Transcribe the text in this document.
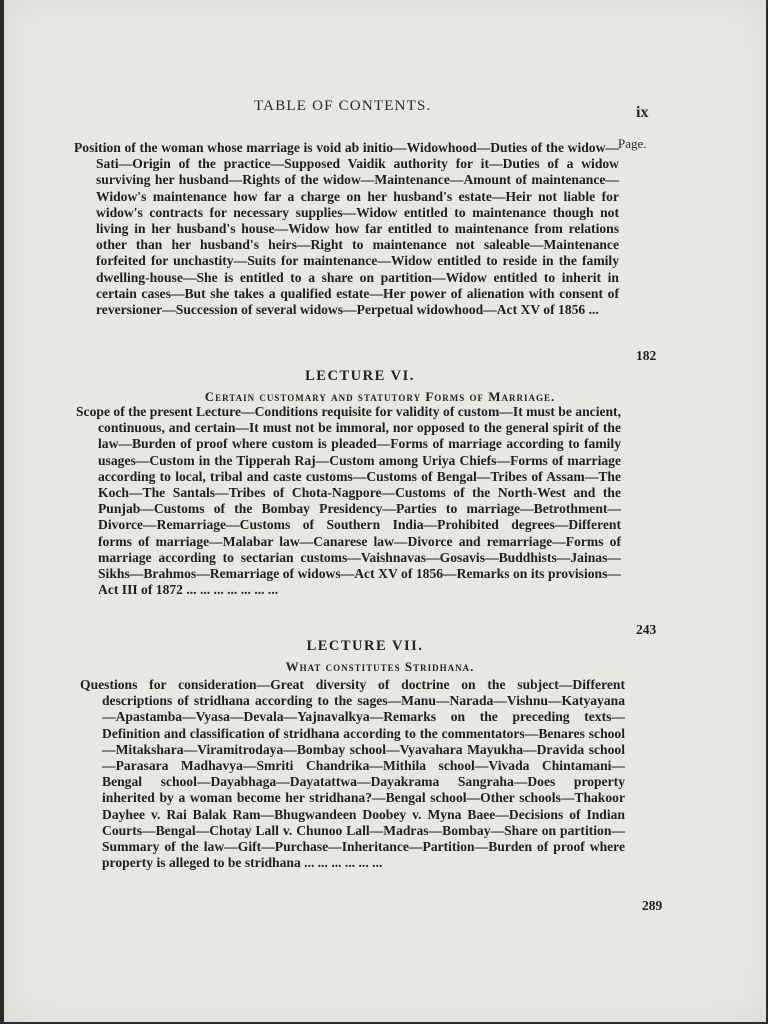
TABLE OF CONTENTS.	ix
Page.

Position of the woman whose marriage is void ab initio—Widowhood—Duties of the widow—Sati—Origin of the practice—Supposed Vaidik authority for it—Duties of a widow surviving her husband—Rights of the widow—Maintenance—Amount of maintenance—Widow's maintenance how far a charge on her husband's estate—Heir not liable for widow's contracts for necessary supplies—Widow entitled to maintenance though not living in her husband's house—Widow how far entitled to maintenance from relations other than her husband's heirs—Right to maintenance not saleable—Maintenance forfeited for unchastity—Suits for maintenance—Widow entitled to reside in the family dwelling-house—She is entitled to a share on partition—Widow entitled to inherit in certain cases—But she takes a qualified estate—Her power of alienation with consent of reversioner—Succession of several widows—Perpetual widowhood—Act XV of 1856 ...

182
LECTURE VI.
Certain customary and statutory Forms of Marriage.

Scope of the present Lecture—Conditions requisite for validity of custom—It must be ancient, continuous, and certain—It must not be immoral, nor opposed to the general spirit of the law—Burden of proof where custom is pleaded—Forms of marriage according to family usages—Custom in the Tipperah Raj—Custom among Uriya Chiefs—Forms of marriage according to local, tribal and caste customs—Customs of Bengal—Tribes of Assam—The Koch—The Santals—Tribes of Chota-Nagpore—Customs of the North-West and the Punjab—Customs of the Bombay Presidency—Parties to marriage—Betrothment—Divorce—Remarriage—Customs of Southern India—Prohibited degrees—Different forms of marriage—Malabar law—Canarese law—Divorce and remarriage—Forms of marriage according to sectarian customs—Vaishnavas—Gosavis—Buddhists—Jainas—Sikhs—Brahmos—Remarriage of widows—Act XV of 1856—Remarks on its provisions—Act III of 1872 ... ... ... ... ... ... ...

243
LECTURE VII.
What constitutes Stridhana.

Questions for consideration—Great diversity of doctrine on the subject—Different descriptions of stridhana according to the sages—Manu—Narada—Vishnu—Katyayana—Apastamba—Vyasa—Devala—Yajnavalkya—Remarks on the preceding texts—Definition and classification of stridhana according to the commentators—Benares school—Mitakshara—Viramitrodaya—Bombay school—Vyavahara Mayukha—Dravida school—Parasara Madhavya—Smriti Chandrika—Mithila school—Vivada Chintamani—Bengal school—Dayabhaga—Dayatattwa—Dayakrama Sangraha—Does property inherited by a woman become her stridhana?—Bengal school—Other schools—Thakoor Dayhee v. Rai Balak Ram—Bhugwandeen Doobey v. Myna Baee—Decisions of Indian Courts—Bengal—Chotay Lall v. Chunoo Lall—Madras—Bombay—Share on partition—Summary of the law—Gift—Purchase—Inheritance—Partition—Burden of proof where property is alleged to be stridhana ... ... ... ... ... ...

289
